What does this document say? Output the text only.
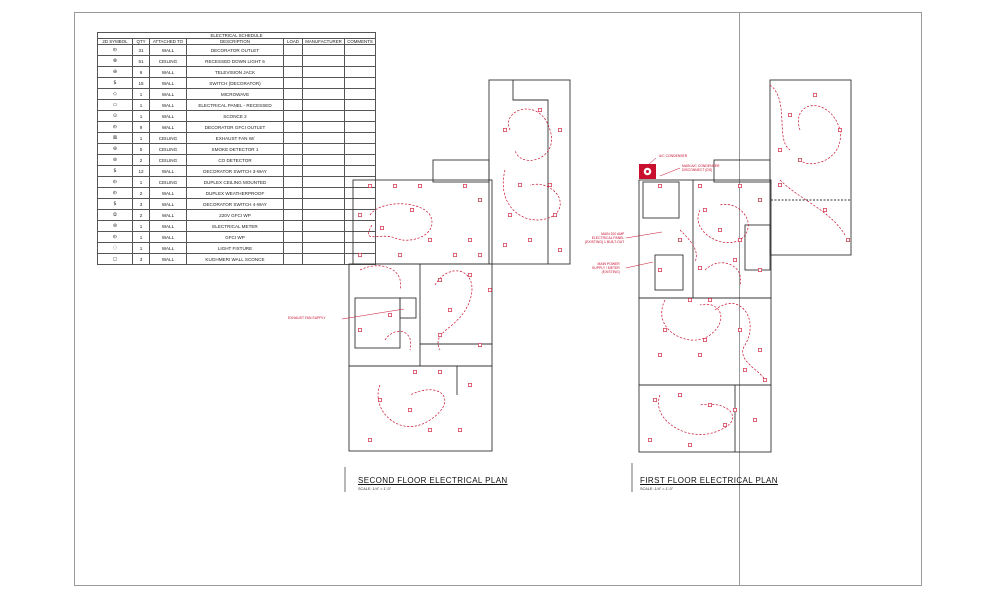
ELECTRICAL SCHEDULE						
2D SYMBOL	QTY	ATTACHED TO	DESCRIPTION	LOAD	MANUFACTURER	COMMENTS
⦶	31	WALL	DECORATOR OUTLET			
⊗	51	CEILING	RECESSED DOWN LIGHT 6			
⊕	6	WALL	TELEVISION JACK			
$	15	WALL	SWITCH (DECORATOR)			
◇	1	WALL	MICROWAVE			
▭	1	WALL	ELECTRICAL PANEL - RECESSED			
⊙	1	WALL	SCONCE 2			
⦶	9	WALL	DECORATOR GFCI OUTLET			
⊠	1	CEILING	EXHAUST FAN W/			
⊛	5	CEILING	SMOKE DETECTOR 1			
⊚	2	CEILING	CO DETECTOR			
$	12	WALL	DECORATOR SWITCH 3-WAY			
⦶	1	CEILING	DUPLEX CEILING MOUNTED			
⦶	2	WALL	DUPLEX WEATHERPROOF			
$	3	WALL	DECORATOR SWITCH 4-WAY			
⦷	2	WALL	220V GFCI WP			
⊜	1	WALL	ELECTRICAL METER			
⦶	1	WALL	GFCI WP			
◌	1	WALL	LIGHT FIXTURE			
◻	3	WALL	KUGHMERI WALL SCONCE			
EXHAUST FAN SUPPLY
A/C CONDENSER
MAIN A/C CONDENSER
DISCONNECT (DS)
MAIN 200 AMP
ELECTRICAL PANEL
(EXISTING) 1 BUILT-OUT
MAIN POWER
SUPPLY / METER
(EXISTING)
SECOND FLOOR ELECTRICAL PLAN
SCALE: 1/4" = 1'-0"
FIRST FLOOR ELECTRICAL PLAN
SCALE: 1/4" = 1'-0"
